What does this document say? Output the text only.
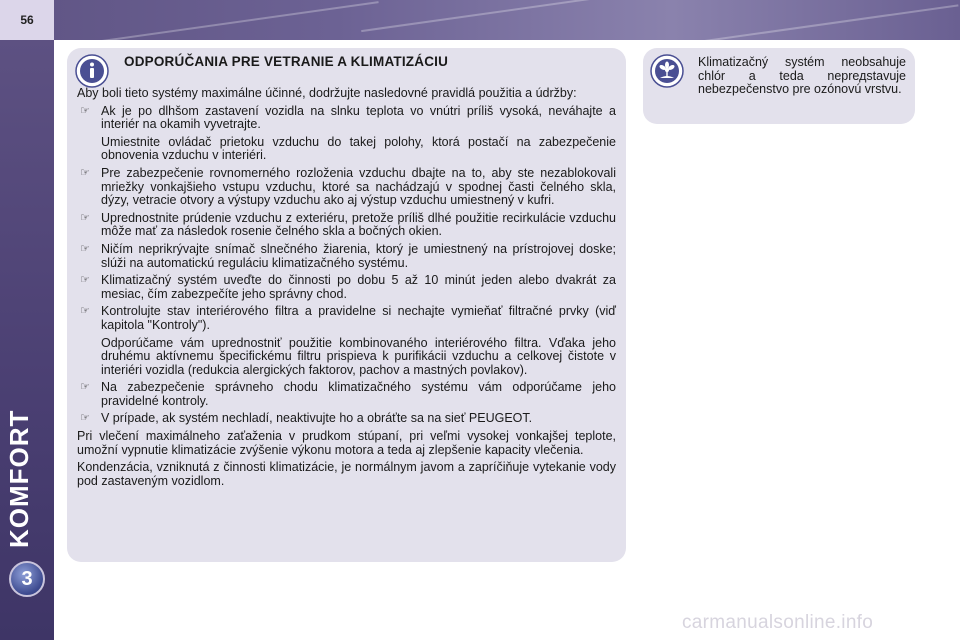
56
KOMFORT
3
ODPORÚČANIA PRE VETRANIE A KLIMATIZÁCIU

Aby boli tieto systémy maximálne účinné, dodržujte nasledovné pravidlá použitia a údržby:

☞ Ak je po dlhšom zastavení vozidla na slnku teplota vo vnútri príliš vysoká, neváhajte a interiér na okamih vyvetrajte.
Umiestnite ovládač prietoku vzduchu do takej polohy, ktorá postačí na zabezpečenie obnovenia vzduchu v interiéri.
☞ Pre zabezpečenie rovnomerného rozloženia vzduchu dbajte na to, aby ste nezablokovali mriežky vonkajšieho vstupu vzduchu, ktoré sa nachádzajú v spodnej časti čelného skla, dýzy, vetracie otvory a výstupy vzduchu ako aj výstup vzduchu umiestnený v kufri.
☞ Uprednostnite prúdenie vzduchu z exteriéru, pretože príliš dlhé použitie recirkulácie vzduchu môže mať za následok rosenie čelného skla a bočných okien.
☞ Ničím neprikrývajte snímač slnečného žiarenia, ktorý je umiestnený na prístrojovej doske; slúži na automatickú reguláciu klimatizačného systému.
☞ Klimatizačný systém uveďte do činnosti po dobu 5 až 10 minút jeden alebo dvakrát za mesiac, čím zabezpečíte jeho správny chod.
☞ Kontrolujte stav interiérového filtra a pravidelne si nechajte vymieňať filtračné prvky (viď kapitola "Kontroly").
Odporúčame vám uprednostniť použitie kombinovaného interiérového filtra. Vďaka jeho druhému aktívnemu špecifickému filtru prispieva k purifikácii vzduchu a celkovej čistote v interiéri vozidla (redukcia alergických faktorov, pachov a mastných povlakov).
☞ Na zabezpečenie správneho chodu klimatizačného systému vám odporúčame jeho pravidelné kontroly.
☞ V prípade, ak systém nechladí, neaktivujte ho a obráťte sa na sieť PEUGEOT.

Pri vlečení maximálneho zaťaženia v prudkom stúpaní, pri veľmi vysokej vonkajšej teplote, umožní vypnutie klimatizácie zvýšenie výkonu motora a teda aj zlepšenie kapacity vlečenia.

Kondenzácia, vzniknutá z činnosti klimatizácie, je normálnym javom a zapríčiňuje vytekanie vody pod zastaveným vozidlom.

Klimatizačný systém neobsahuje chlór a teda neprедstavuje nebezpečenstvo pre ozónovú vrstvu.
carmanualsonline.info
